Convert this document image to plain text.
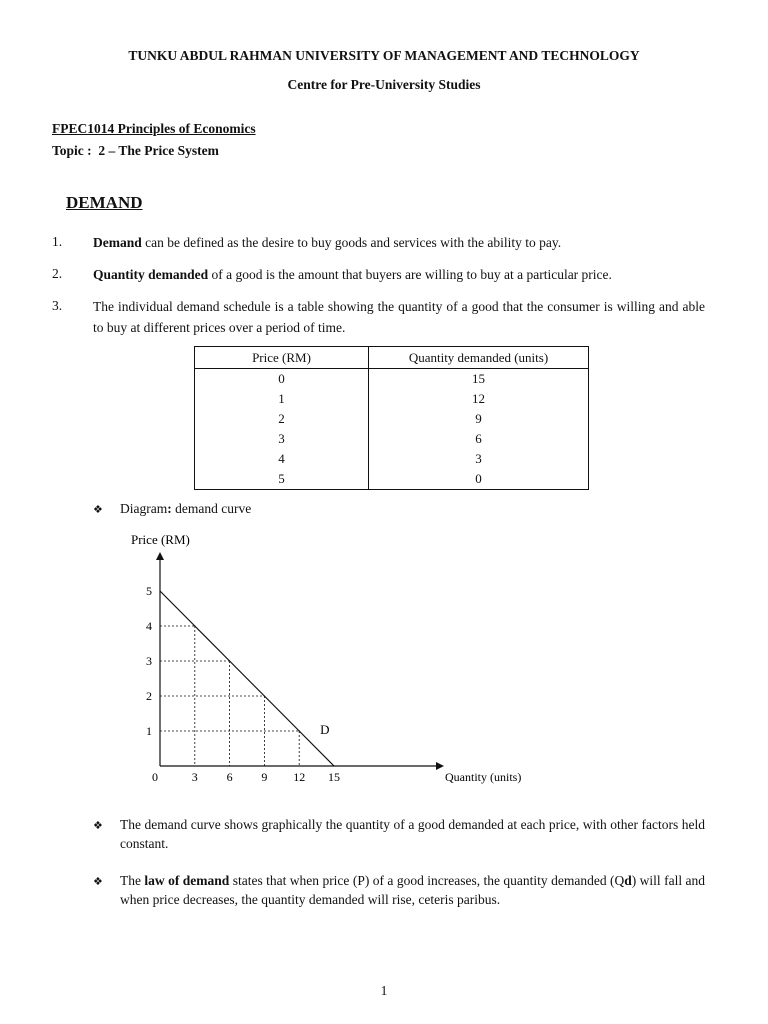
TUNKU ABDUL RAHMAN UNIVERSITY OF MANAGEMENT AND TECHNOLOGY
Centre for Pre-University Studies
FPEC1014 Principles of Economics
Topic :  2 – The Price System
DEMAND
1. Demand can be defined as the desire to buy goods and services with the ability to pay.
2. Quantity demanded of a good is the amount that buyers are willing to buy at a particular price.
3. The individual demand schedule is a table showing the quantity of a good that the consumer is willing and able to buy at different prices over a period of time.
Price (RM)	Quantity demanded (units)
0	15
1	12
2	9
3	6
4	3
5	0
❖ Diagram: demand curve
Price (RM)
1
2
3
4
5
0	3 6 9 12 15
D
Quantity (units)
❖ The demand curve shows graphically the quantity of a good demanded at each price, with other factors held constant.
❖ The law of demand states that when price (P) of a good increases, the quantity demanded (Qd) will fall and when price decreases, the quantity demanded will rise, ceteris paribus.
1
